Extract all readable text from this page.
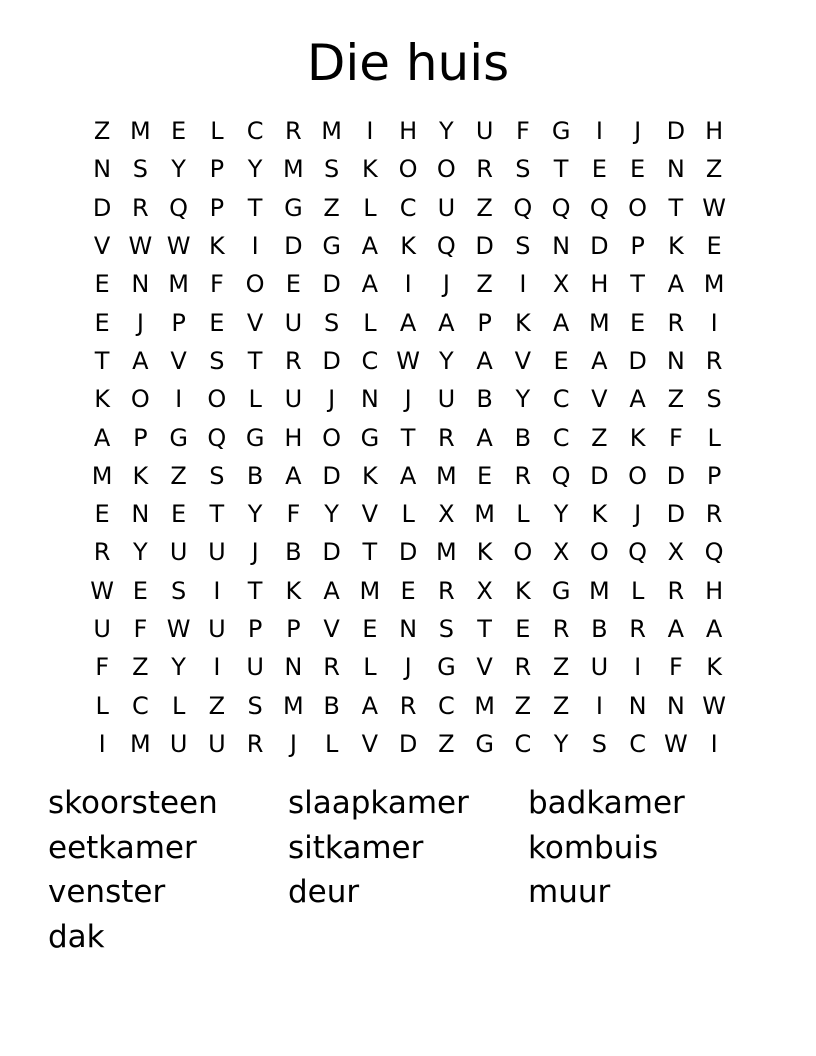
Die huis
Z M E L C R M	I	H Y U F G	I	J	D H
N S Y P Y M S K O O R S T E E N Z
D R Q P T G Z L C U Z Q Q Q O T W
V W W K	I	D G A K Q D S N D P K E
E N M F O E D A	I	J	Z	I	X H T A M
E	J	P E V U S L A A P K A M E R	I
T A V S T R D C W Y A V E A D N R
K O	I	O L U	J	N	J	U B Y C V A Z S
A P G Q G H O G T R A B C Z K F	L
M K Z S B A D K A M E R Q D O D P
E N E T Y	F	Y V L X M L	Y K	J	D R
R Y U U	J	B D T D M K O X O Q X Q
W E S	I	T K A M E R X K G M L R H
U F W U P P V E N S T E R B R A A
F Z Y	I	U N R L	J	G V R Z U	I	F K
L C L Z S M B A R C M Z Z	I	N N W
I	M U U R	J	L V D Z G C Y S C W I
skoorsteen	slaapkamer	badkamer
eetkamer	sitkamer	kombuis
venster	deur	muur
dak
